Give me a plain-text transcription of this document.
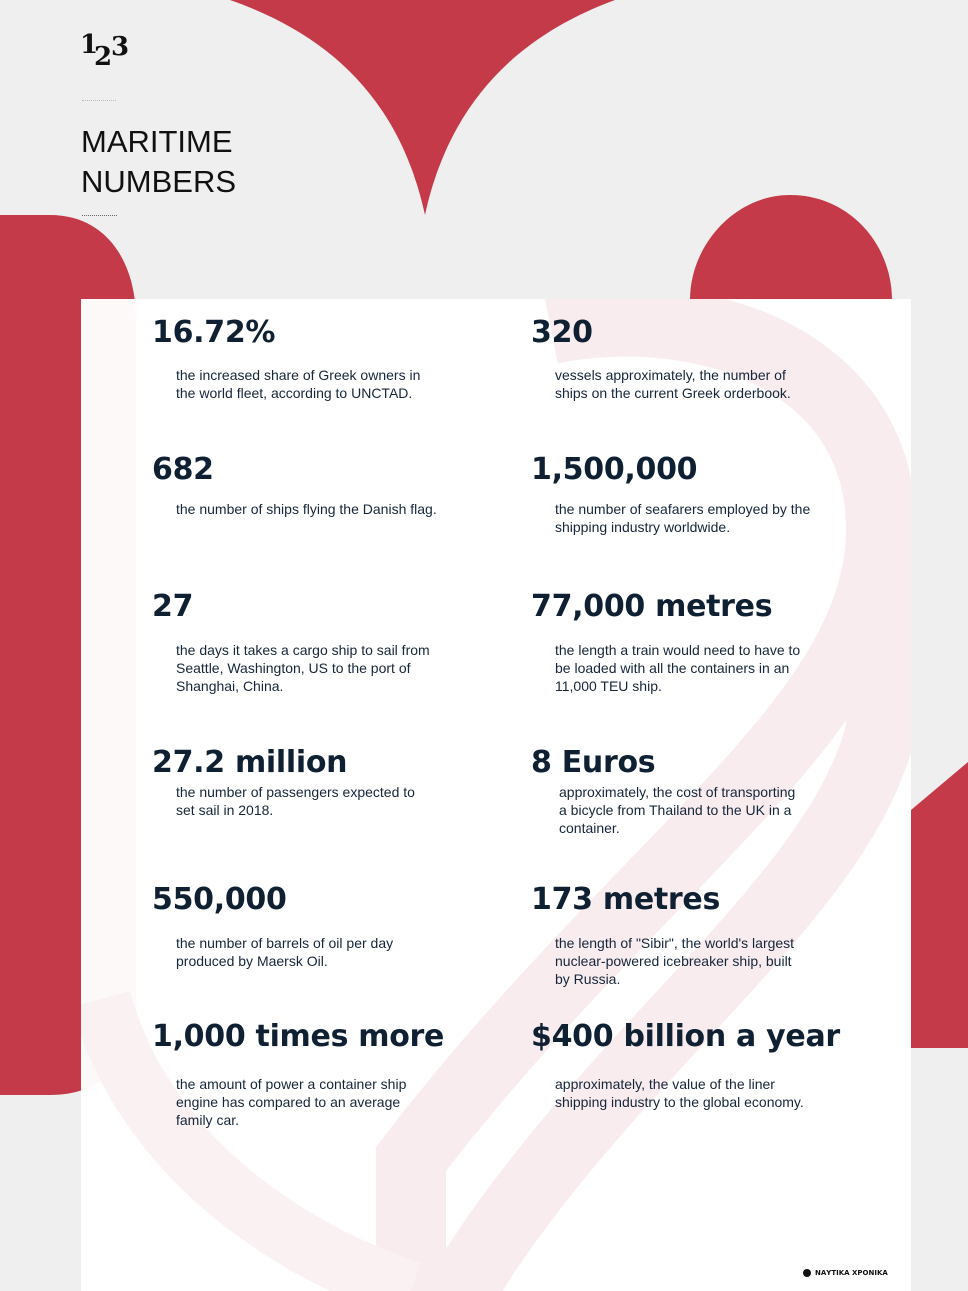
1
2
3
MARITIME
NUMBERS
16.72%
the increased share of Greek owners in
the world fleet, according to UNCTAD.
682
the number of ships flying the Danish flag.
27
the days it takes a cargo ship to sail from
Seattle, Washington, US to the port of
Shanghai, China.
27.2 million
the number of passengers expected to
set sail in 2018.
550,000
the number of barrels of oil per day
produced by Maersk Oil.
1,000 times more
the amount of power a container ship
engine has compared to an average
family car.
320
vessels approximately, the number of
ships on the current Greek orderbook.
1,500,000
the number of seafarers employed by the
shipping industry worldwide.
77,000 metres
the length a train would need to have to
be loaded with all the containers in an
11,000 TEU ship.
8 Euros
approximately, the cost of transporting
a bicycle from Thailand to the UK in a
container.
173 metres
the length of "Sibir", the world's largest
nuclear-powered icebreaker ship, built
by Russia.
$400 billion a year
approximately, the value of the liner
shipping industry to the global economy.
ΝΑΥΤΙΚΑ ΧΡΟΝΙΚΑ
